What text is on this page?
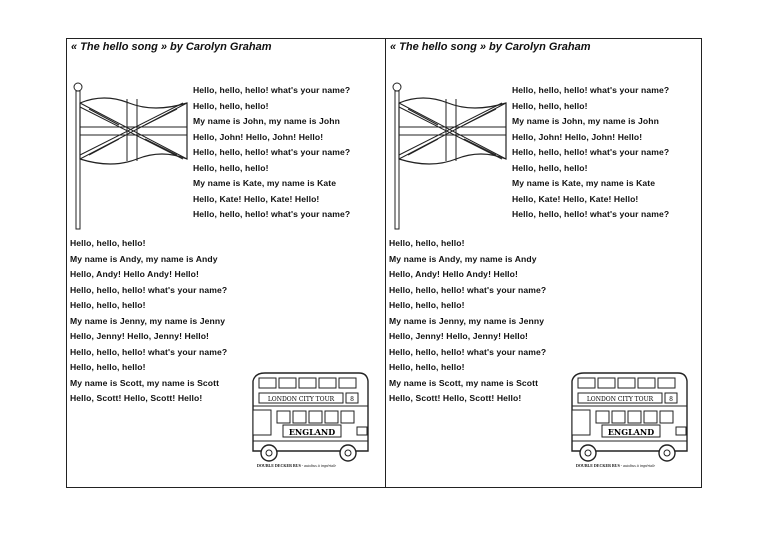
« The hello song » by Carolyn Graham
Hello, hello, hello! what's your name?
Hello, hello, hello!
My name is John, my name is John
Hello, John! Hello, John! Hello!
Hello, hello, hello! what's your name?
Hello, hello, hello!
My name is Kate, my name is Kate
Hello, Kate! Hello, Kate! Hello!
Hello, hello, hello! what's your name?
Hello, hello, hello!
My name is Andy, my name is Andy
Hello, Andy! Hello Andy! Hello!
Hello, hello, hello! what's your name?
Hello, hello, hello!
My name is Jenny, my name is Jenny
Hello, Jenny! Hello, Jenny! Hello!
Hello, hello, hello! what's your name?
Hello, hello, hello!
My name is Scott, my name is Scott
Hello, Scott! Hello, Scott! Hello!	LONDON CITY TOUR	8
ENGLAND
DOUBLE DECKER BUS - autobus à impériale
« The hello song » by Carolyn Graham
Hello, hello, hello! what's your name?
Hello, hello, hello!
My name is John, my name is John
Hello, John! Hello, John! Hello!
Hello, hello, hello! what's your name?
Hello, hello, hello!
My name is Kate, my name is Kate
Hello, Kate! Hello, Kate! Hello!
Hello, hello, hello! what's your name?
Hello, hello, hello!
My name is Andy, my name is Andy
Hello, Andy! Hello Andy! Hello!
Hello, hello, hello! what's your name?
Hello, hello, hello!
My name is Jenny, my name is Jenny
Hello, Jenny! Hello, Jenny! Hello!
Hello, hello, hello! what's your name?
Hello, hello, hello!
My name is Scott, my name is Scott
Hello, Scott! Hello, Scott! Hello!	LONDON CITY TOUR	8
ENGLAND
DOUBLE DECKER BUS - autobus à impériale
